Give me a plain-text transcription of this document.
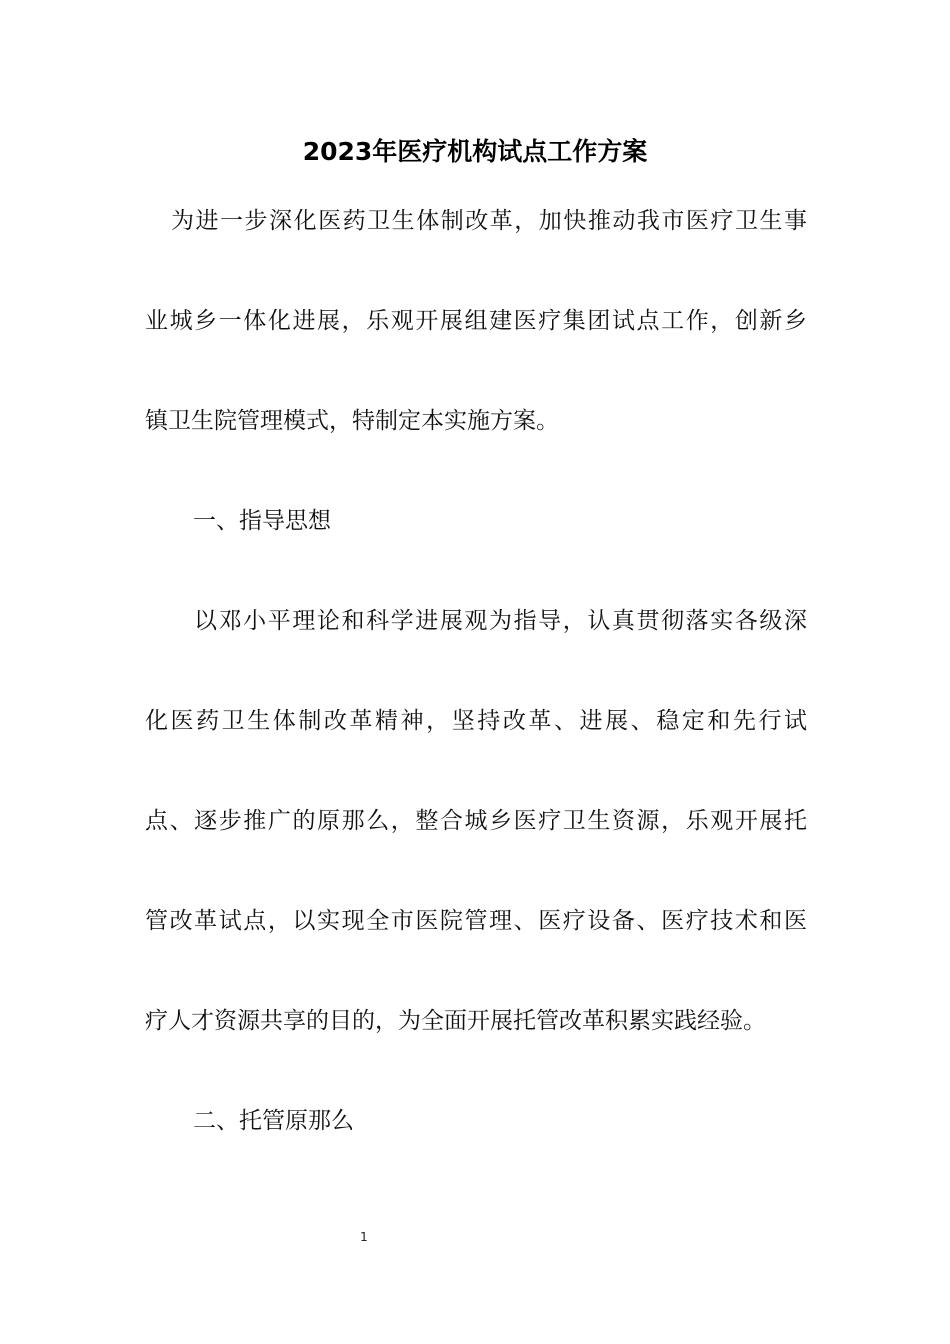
2023年医疗机构试点工作方案
为进一步深化医药卫生体制改革，加快推动我市医疗卫生事
业城乡一体化进展，乐观开展组建医疗集团试点工作，创新乡
镇卫生院管理模式，特制定本实施方案。
一、指导思想
以邓小平理论和科学进展观为指导，认真贯彻落实各级深
化医药卫生体制改革精神，坚持改革、进展、稳定和先行试
点、逐步推广的原那么，整合城乡医疗卫生资源，乐观开展托
管改革试点，以实现全市医院管理、医疗设备、医疗技术和医
疗人才资源共享的目的，为全面开展托管改革积累实践经验。
二、托管原那么
1
